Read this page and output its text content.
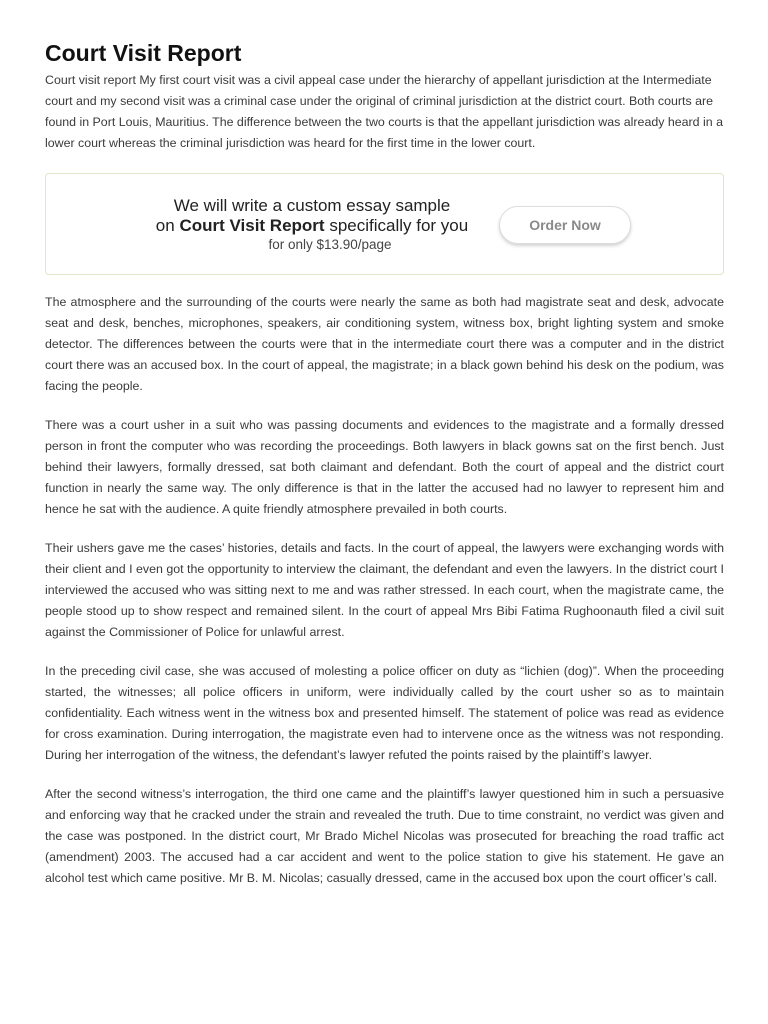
Court Visit Report

Court visit report My first court visit was a civil appeal case under the hierarchy of appellant jurisdiction at the Intermediate court and my second visit was a criminal case under the original of criminal jurisdiction at the district court. Both courts are found in Port Louis, Mauritius. The difference between the two courts is that the appellant jurisdiction was already heard in a lower court whereas the criminal jurisdiction was heard for the first time in the lower court.

We will write a custom essay sample
on Court Visit Report specifically for you
for only $13.90/page
Order Now

The atmosphere and the surrounding of the courts were nearly the same as both had magistrate seat and desk, advocate seat and desk, benches, microphones, speakers, air conditioning system, witness box, bright lighting system and smoke detector. The differences between the courts were that in the intermediate court there was a computer and in the district court there was an accused box. In the court of appeal, the magistrate; in a black gown behind his desk on the podium, was facing the people.

There was a court usher in a suit who was passing documents and evidences to the magistrate and a formally dressed person in front the computer who was recording the proceedings. Both lawyers in black gowns sat on the first bench. Just behind their lawyers, formally dressed, sat both claimant and defendant. Both the court of appeal and the district court function in nearly the same way. The only difference is that in the latter the accused had no lawyer to represent him and hence he sat with the audience. A quite friendly atmosphere prevailed in both courts.

Their ushers gave me the cases’ histories, details and facts. In the court of appeal, the lawyers were exchanging words with their client and I even got the opportunity to interview the claimant, the defendant and even the lawyers. In the district court I interviewed the accused who was sitting next to me and was rather stressed. In each court, when the magistrate came, the people stood up to show respect and remained silent. In the court of appeal Mrs Bibi Fatima Rughoonauth filed a civil suit against the Commissioner of Police for unlawful arrest.

In the preceding civil case, she was accused of molesting a police officer on duty as “lichien (dog)”. When the proceeding started, the witnesses; all police officers in uniform, were individually called by the court usher so as to maintain confidentiality. Each witness went in the witness box and presented himself. The statement of police was read as evidence for cross examination. During interrogation, the magistrate even had to intervene once as the witness was not responding. During her interrogation of the witness, the defendant’s lawyer refuted the points raised by the plaintiff’s lawyer.

After the second witness’s interrogation, the third one came and the plaintiff’s lawyer questioned him in such a persuasive and enforcing way that he cracked under the strain and revealed the truth. Due to time constraint, no verdict was given and the case was postponed. In the district court, Mr Brado Michel Nicolas was prosecuted for breaching the road traffic act (amendment) 2003. The accused had a car accident and went to the police station to give his statement. He gave an alcohol test which came positive. Mr B. M. Nicolas; casually dressed, came in the accused box upon the court officer’s call.
